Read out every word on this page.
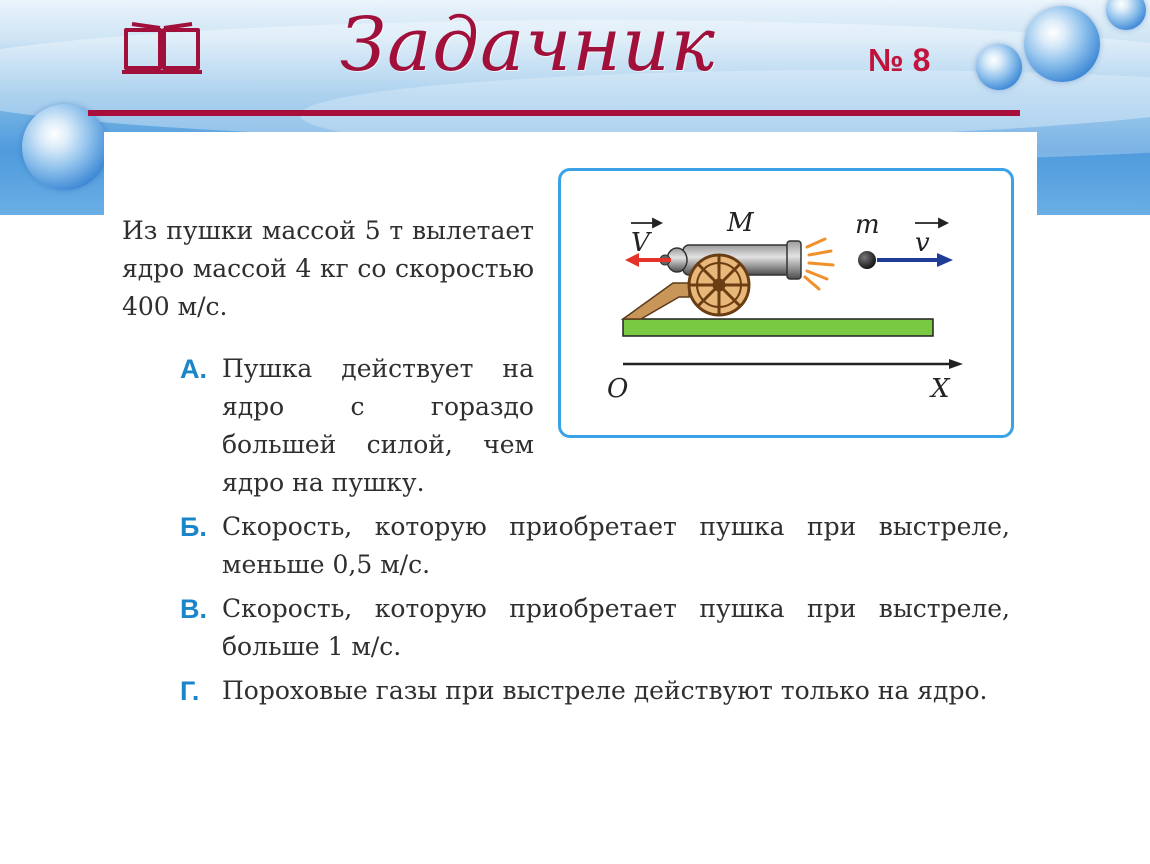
Задачник	№ 8
Из пушки массой 5 т вылетает ядро массой 4 кг со скоростью 400 м/с.
А. Пушка действует на ядро с гораздо большей силой, чем ядро на пушку.
Б. Скорость, которую приобретает пушка при выстреле, меньше 0,5 м/с.
В. Скорость, которую приобретает пушка при выстреле, больше 1 м/с.
Г. Пороховые газы при выстреле действуют только на ядро.
M	m
V	v
O	X
